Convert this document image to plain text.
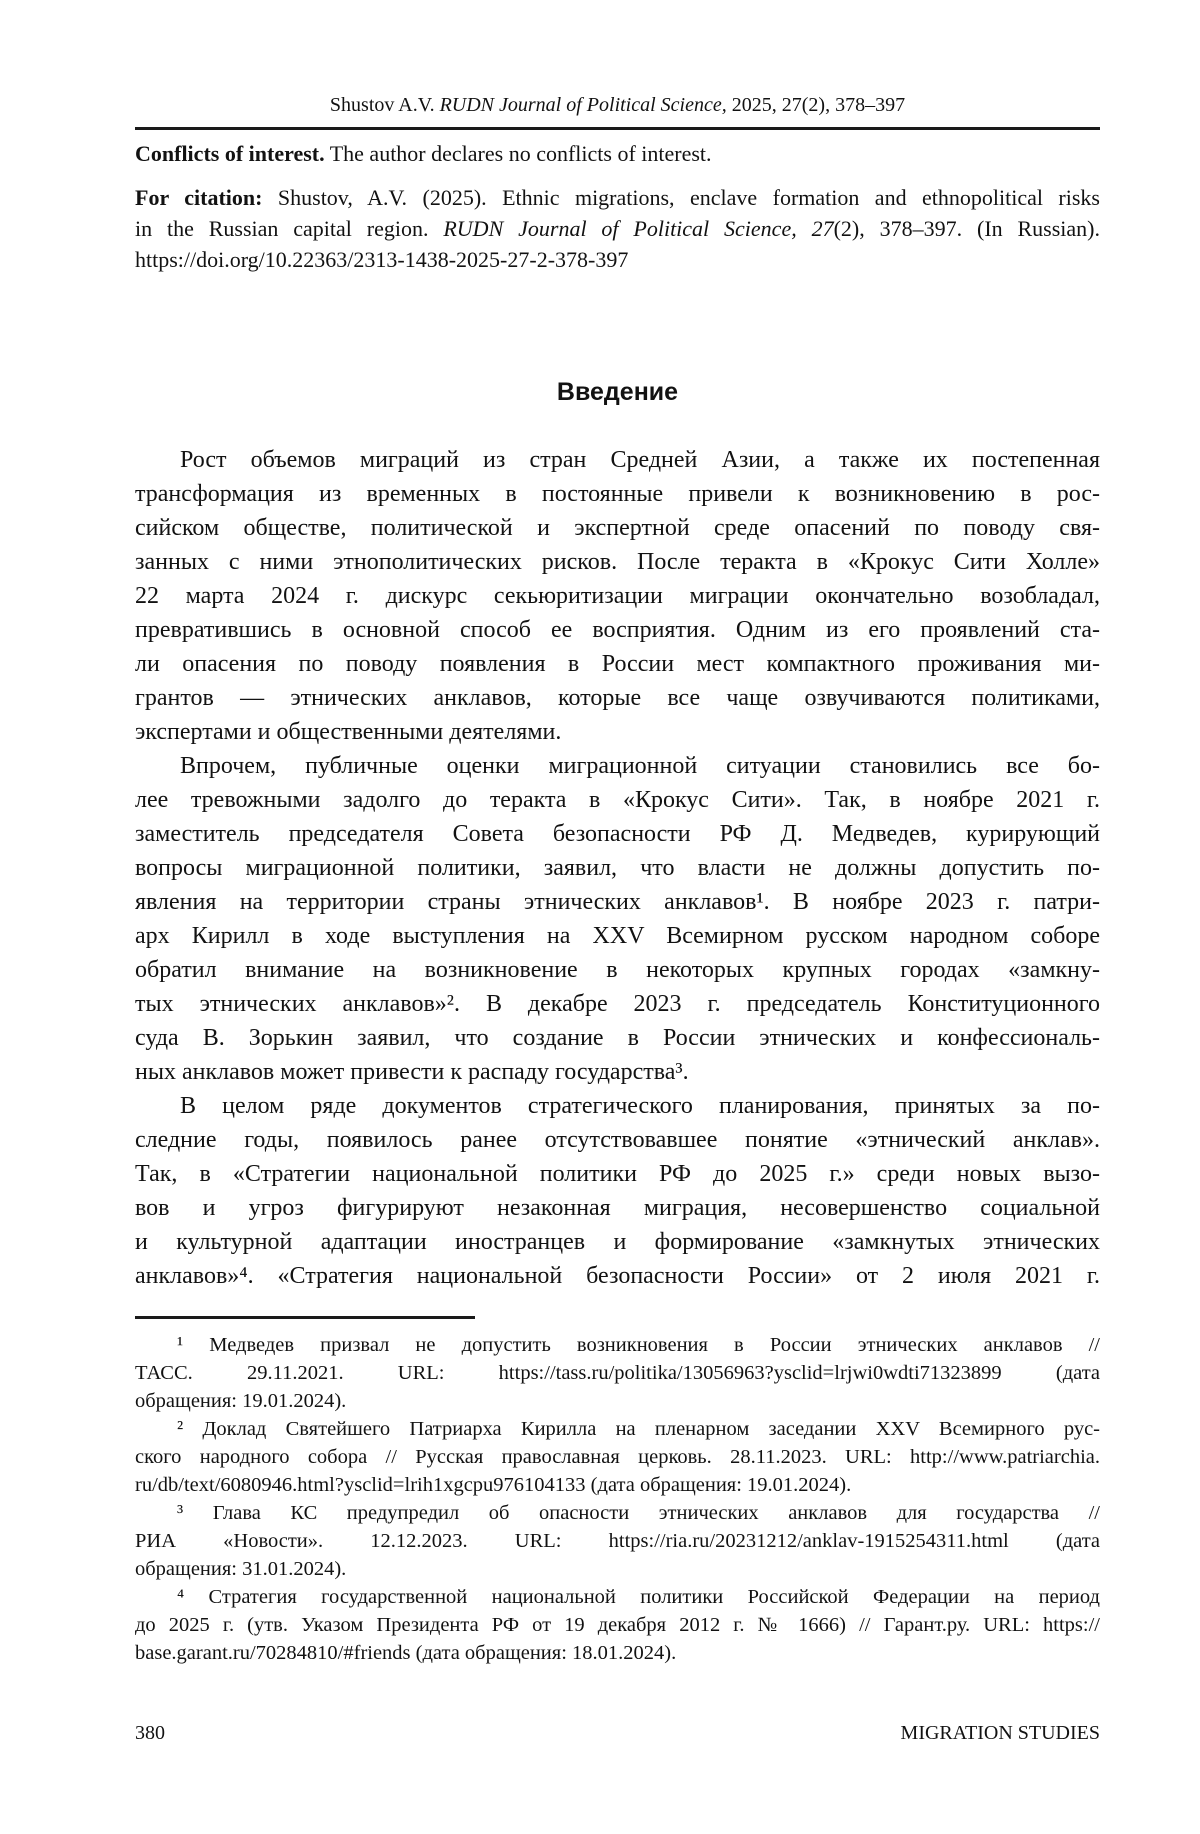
Shustov A.V. RUDN Journal of Political Science, 2025, 27(2), 378–397
Conflicts of interest. The author declares no conflicts of interest.
For citation: Shustov, A.V. (2025). Ethnic migrations, enclave formation and ethnopolitical risks
in the Russian capital region. RUDN Journal of Political Science, 27(2), 378–397. (In Russian).
https://doi.org/10.22363/2313-1438-2025-27-2-378-397
Введение
Рост объемов миграций из стран Средней Азии, а также их постепенная
трансформация из временных в постоянные привели к возникновению в рос-
сийском обществе, политической и экспертной среде опасений по поводу свя-
занных с ними этнополитических рисков. После теракта в «Крокус Сити Холле»
22 марта 2024 г. дискурс секьюритизации миграции окончательно возобладал,
превратившись в основной способ ее восприятия. Одним из его проявлений ста-
ли опасения по поводу появления в России мест компактного проживания ми-
грантов — этнических анклавов, которые все чаще озвучиваются политиками,
экспертами и общественными деятелями.
Впрочем, публичные оценки миграционной ситуации становились все бо-
лее тревожными задолго до теракта в «Крокус Сити». Так, в ноябре 2021 г.
заместитель председателя Совета безопасности РФ Д. Медведев, курирующий
вопросы миграционной политики, заявил, что власти не должны допустить по-
явления на территории страны этнических анклавов¹. В ноябре 2023 г. патри-
арх Кирилл в ходе выступления на XXV Всемирном русском народном соборе
обратил внимание на возникновение в некоторых крупных городах «замкну-
тых этнических анклавов»². В декабре 2023 г. председатель Конституционного
суда В. Зорькин заявил, что создание в России этнических и конфессиональ-
ных анклавов может привести к распаду государства³.
В целом ряде документов стратегического планирования, принятых за по-
следние годы, появилось ранее отсутствовавшее понятие «этнический анклав».
Так, в «Стратегии национальной политики РФ до 2025 г.» среди новых вызо-
вов и угроз фигурируют незаконная миграция, несовершенство социальной
и культурной адаптации иностранцев и формирование «замкнутых этнических
анклавов»⁴. «Стратегия национальной безопасности России» от 2 июля 2021 г.
¹ Медведев призвал не допустить возникновения в России этнических анклавов //
ТАСС. 29.11.2021. URL: https://tass.ru/politika/13056963?ysclid=lrjwi0wdti71323899 (дата
обращения: 19.01.2024).
² Доклад Святейшего Патриарха Кирилла на пленарном заседании XXV Всемирного рус-
ского народного собора // Русская православная церковь. 28.11.2023. URL: http://www.patriarchia.
ru/db/text/6080946.html?ysclid=lrih1xgcpu976104133 (дата обращения: 19.01.2024).
³ Глава КС предупредил об опасности этнических анклавов для государства //
РИА «Новости». 12.12.2023. URL: https://ria.ru/20231212/anklav-1915254311.html (дата
обращения: 31.01.2024).
⁴ Стратегия государственной национальной политики Российской Федерации на период
до 2025 г. (утв. Указом Президента РФ от 19 декабря 2012 г. № 1666) // Гарант.ру. URL: https://
base.garant.ru/70284810/#friends (дата обращения: 18.01.2024).
380	MIGRATION STUDIES
